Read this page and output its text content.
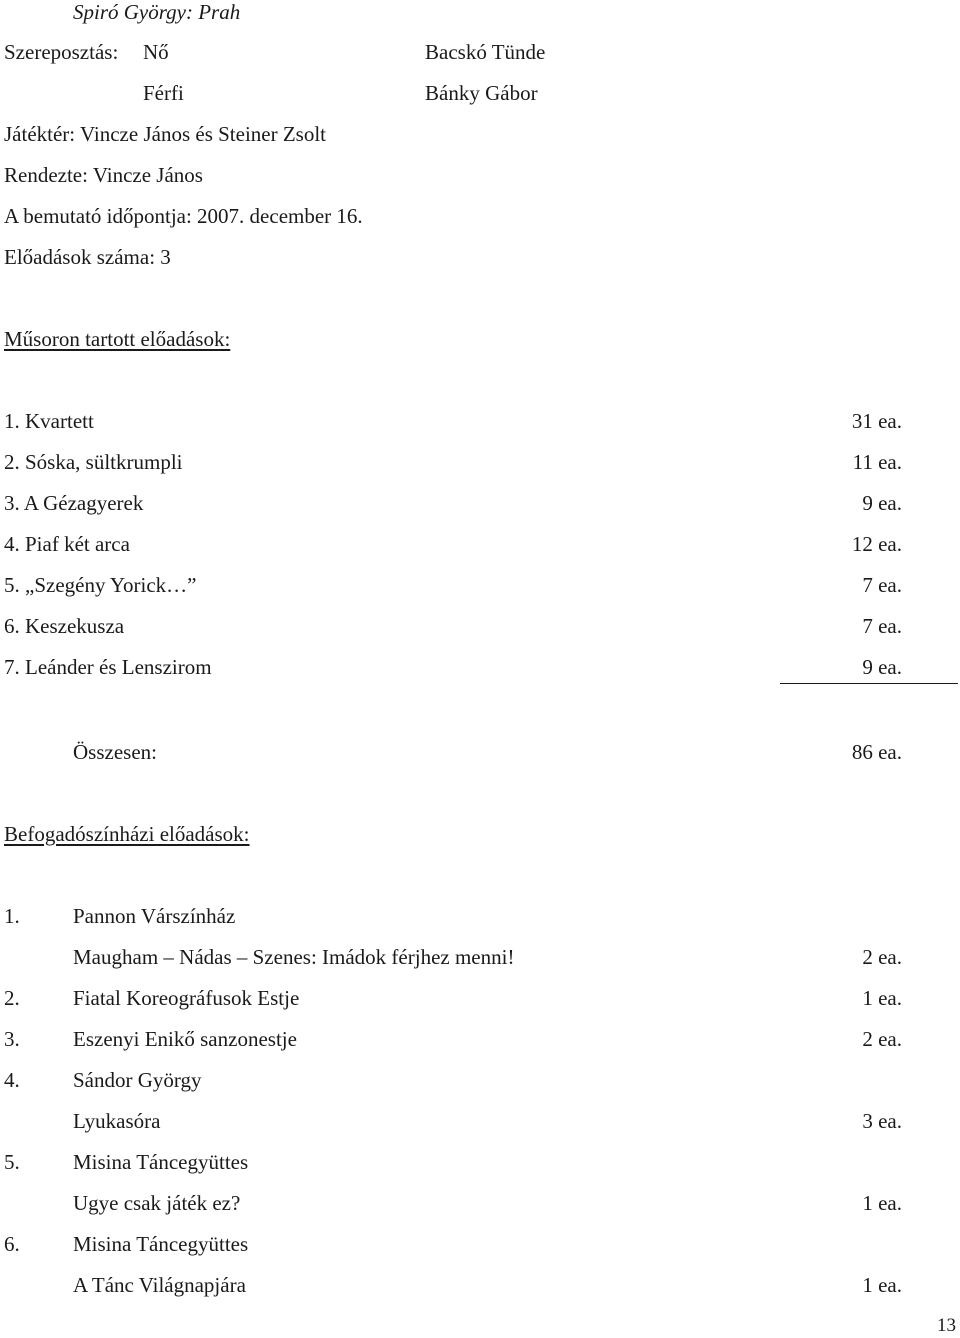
Spiró György: Prah
Szereposztás: Nő	Bacskó Tünde
Férfi	Bánky Gábor
Játéktér: Vincze János és Steiner Zsolt
Rendezte: Vincze János
A bemutató időpontja: 2007. december 16.
Előadások száma: 3
Műsoron tartott előadások:
1. Kvartett	31 ea.
2. Sóska, sültkrumpli	11 ea.
3. A Gézagyerek	9 ea.
4. Piaf két arca	12 ea.
5. „Szegény Yorick…”	7 ea.
6. Keszekusza	7 ea.
7. Leánder és Lenszirom	9 ea.
Összesen:	86 ea.
Befogadószínházi előadások:
1.	Pannon Várszínház
Maugham – Nádas – Szenes: Imádok férjhez menni!	2 ea.
2.	Fiatal Koreográfusok Estje	1 ea.
3.	Eszenyi Enikő sanzonestje	2 ea.
4.	Sándor György
Lyukasóra	3 ea.
5.	Misina Táncegyüttes
Ugye csak játék ez?	1 ea.
6.	Misina Táncegyüttes
A Tánc Világnapjára	1 ea.
13
